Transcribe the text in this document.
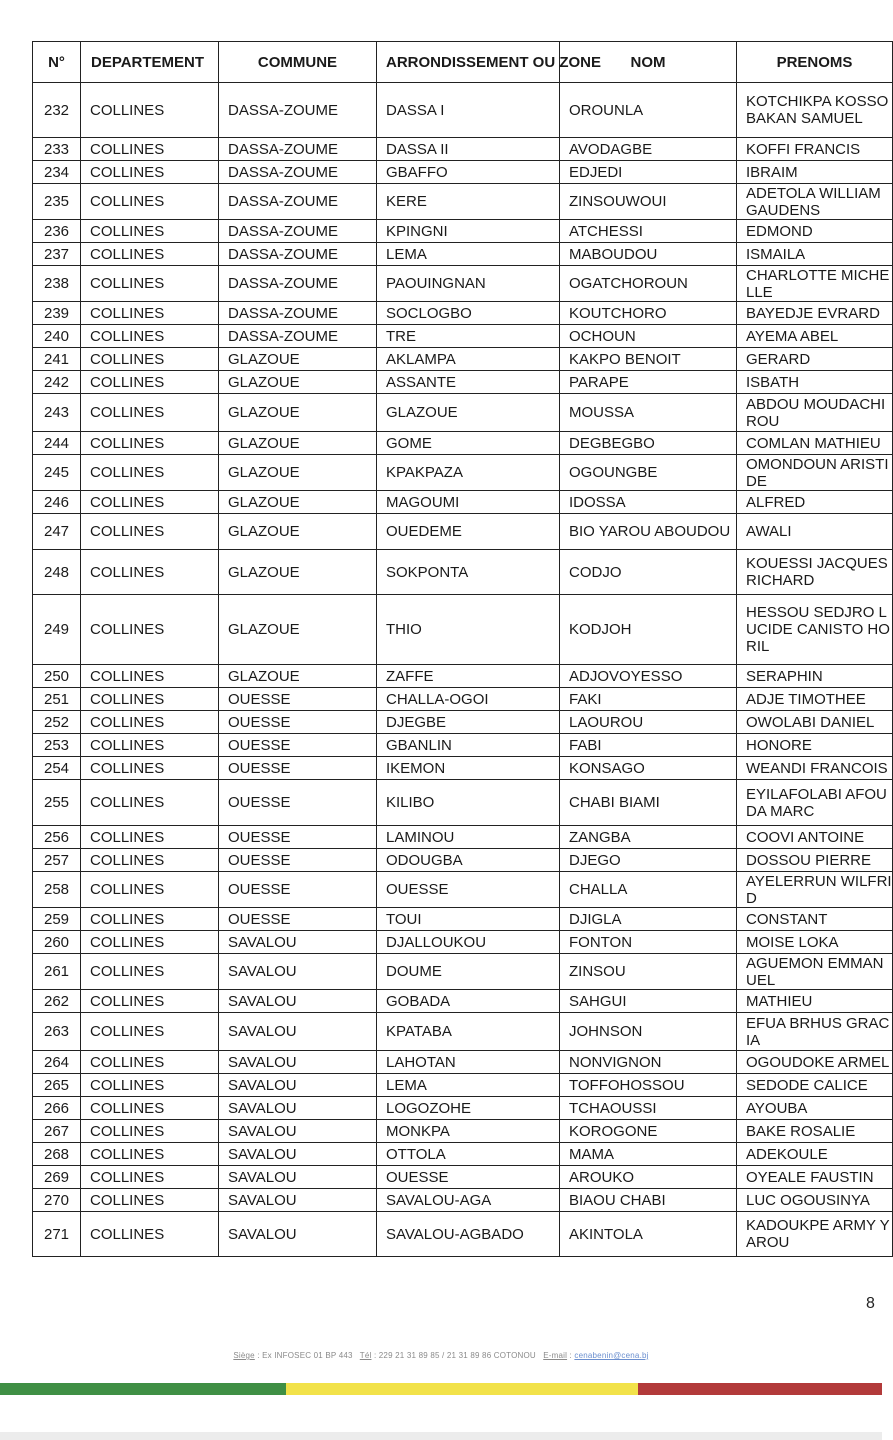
N°	DEPARTEMENT	COMMUNE	ARRONDISSEMENT OU ZONE	NOM	PRENOMS
232	COLLINES	DASSA-ZOUME	DASSA I	OROUNLA	KOTCHIKPA KOSSOBAKAN SAMUEL
233	COLLINES	DASSA-ZOUME	DASSA II	AVODAGBE	KOFFI FRANCIS
234	COLLINES	DASSA-ZOUME	GBAFFO	EDJEDI	IBRAIM
235	COLLINES	DASSA-ZOUME	KERE	ZINSOUWOUI	ADETOLA WILLIAM GAUDENS
236	COLLINES	DASSA-ZOUME	KPINGNI	ATCHESSI	EDMOND
237	COLLINES	DASSA-ZOUME	LEMA	MABOUDOU	ISMAILA
238	COLLINES	DASSA-ZOUME	PAOUINGNAN	OGATCHOROUN	CHARLOTTE MICHELLE
239	COLLINES	DASSA-ZOUME	SOCLOGBO	KOUTCHORO	BAYEDJE EVRARD
240	COLLINES	DASSA-ZOUME	TRE	OCHOUN	AYEMA ABEL
241	COLLINES	GLAZOUE	AKLAMPA	KAKPO BENOIT	GERARD
242	COLLINES	GLAZOUE	ASSANTE	PARAPE	ISBATH
243	COLLINES	GLAZOUE	GLAZOUE	MOUSSA	ABDOU MOUDACHIROU
244	COLLINES	GLAZOUE	GOME	DEGBEGBO	COMLAN MATHIEU
245	COLLINES	GLAZOUE	KPAKPAZA	OGOUNGBE	OMONDOUN ARISTIDE
246	COLLINES	GLAZOUE	MAGOUMI	IDOSSA	ALFRED
247	COLLINES	GLAZOUE	OUEDEME	BIO YAROU ABOUDOU	AWALI
248	COLLINES	GLAZOUE	SOKPONTA	CODJO	KOUESSI JACQUES RICHARD
249	COLLINES	GLAZOUE	THIO	KODJOH	HESSOU SEDJRO LUCIDE CANISTO HORIL
250	COLLINES	GLAZOUE	ZAFFE	ADJOVOYESSO	SERAPHIN
251	COLLINES	OUESSE	CHALLA-OGOI	FAKI	ADJE TIMOTHEE
252	COLLINES	OUESSE	DJEGBE	LAOUROU	OWOLABI DANIEL
253	COLLINES	OUESSE	GBANLIN	FABI	HONORE
254	COLLINES	OUESSE	IKEMON	KONSAGO	WEANDI FRANCOIS
255	COLLINES	OUESSE	KILIBO	CHABI BIAMI	EYILAFOLABI AFOUDA MARC
256	COLLINES	OUESSE	LAMINOU	ZANGBA	COOVI ANTOINE
257	COLLINES	OUESSE	ODOUGBA	DJEGO	DOSSOU PIERRE
258	COLLINES	OUESSE	OUESSE	CHALLA	AYELERRUN WILFRID
259	COLLINES	OUESSE	TOUI	DJIGLA	CONSTANT
260	COLLINES	SAVALOU	DJALLOUKOU	FONTON	MOISE LOKA
261	COLLINES	SAVALOU	DOUME	ZINSOU	AGUEMON EMMANUEL
262	COLLINES	SAVALOU	GOBADA	SAHGUI	MATHIEU
263	COLLINES	SAVALOU	KPATABA	JOHNSON	EFUA BRHUS GRACIA
264	COLLINES	SAVALOU	LAHOTAN	NONVIGNON	OGOUDOKE ARMEL
265	COLLINES	SAVALOU	LEMA	TOFFOHOSSOU	SEDODE CALICE
266	COLLINES	SAVALOU	LOGOZOHE	TCHAOUSSI	AYOUBA
267	COLLINES	SAVALOU	MONKPA	KOROGONE	BAKE ROSALIE
268	COLLINES	SAVALOU	OTTOLA	MAMA	ADEKOULE
269	COLLINES	SAVALOU	OUESSE	AROUKO	OYEALE FAUSTIN
270	COLLINES	SAVALOU	SAVALOU-AGA	BIAOU CHABI	LUC OGOUSINYA
271	COLLINES	SAVALOU	SAVALOU-AGBADO	AKINTOLA	KADOUKPE ARMY YAROU
8
Siège : Ex INFOSEC 01 BP 443 Tél : 229 21 31 89 85 / 21 31 89 86 COTONOU E-mail : cenabenin@cena.bj
